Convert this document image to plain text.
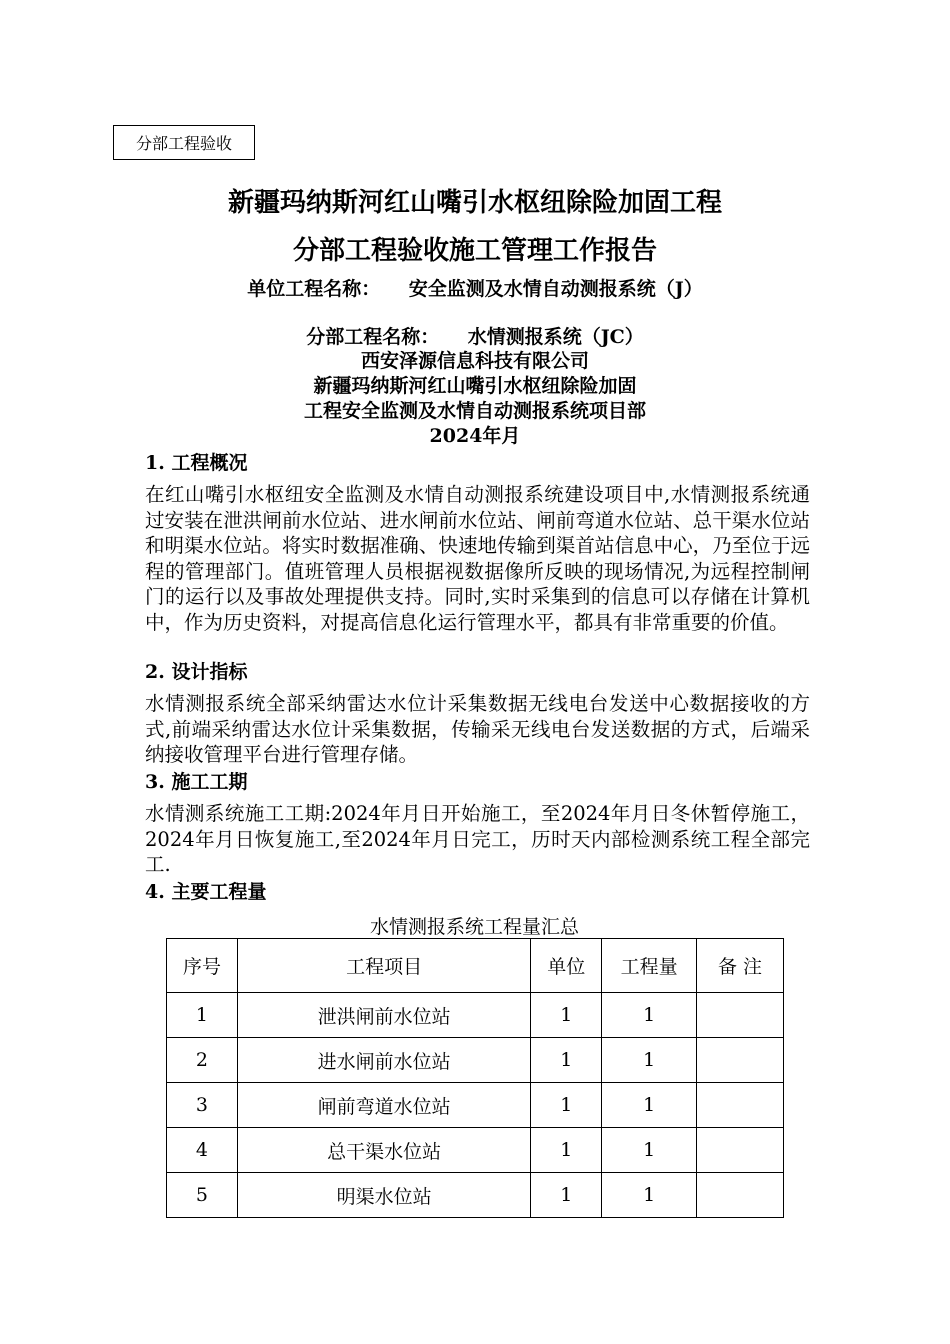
分部工程验收
新疆玛纳斯河红山嘴引水枢纽除险加固工程
分部工程验收施工管理工作报告
单位工程名称：　　安全监测及水情自动测报系统（J）
分部工程名称：　　水情测报系统（JC）
西安泽源信息科技有限公司
新疆玛纳斯河红山嘴引水枢纽除险加固
工程安全监测及水情自动测报系统项目部
2024年月
1. 工程概况

在红山嘴引水枢纽安全监测及水情自动测报系统建设项目中,水情测报系统通过安装在泄洪闸前水位站、进水闸前水位站、闸前弯道水位站、总干渠水位站和明渠水位站。将实时数据准确、快速地传输到渠首站信息中心，乃至位于远程的管理部门。值班管理人员根据视数据像所反映的现场情况,为远程控制闸门的运行以及事故处理提供支持。同时,实时采集到的信息可以存储在计算机中，作为历史资料，对提高信息化运行管理水平，都具有非常重要的价值。

2. 设计指标

水情测报系统全部采纳雷达水位计采集数据无线电台发送中心数据接收的方式,前端采纳雷达水位计采集数据，传输采无线电台发送数据的方式，后端采纳接收管理平台进行管理存储。

3. 施工工期

水情测系统施工工期:2024年月日开始施工，至2024年月日冬休暂停施工，2024年月日恢复施工,至2024年月日完工，历时天内部检测系统工程全部完工.

4. 主要工程量
水情测报系统工程量汇总
序号	工程项目	单位	工程量	备 注
1	泄洪闸前水位站	1	1	
2	进水闸前水位站	1	1	
3	闸前弯道水位站	1	1	
4	总干渠水位站	1	1	
5	明渠水位站	1	1	
